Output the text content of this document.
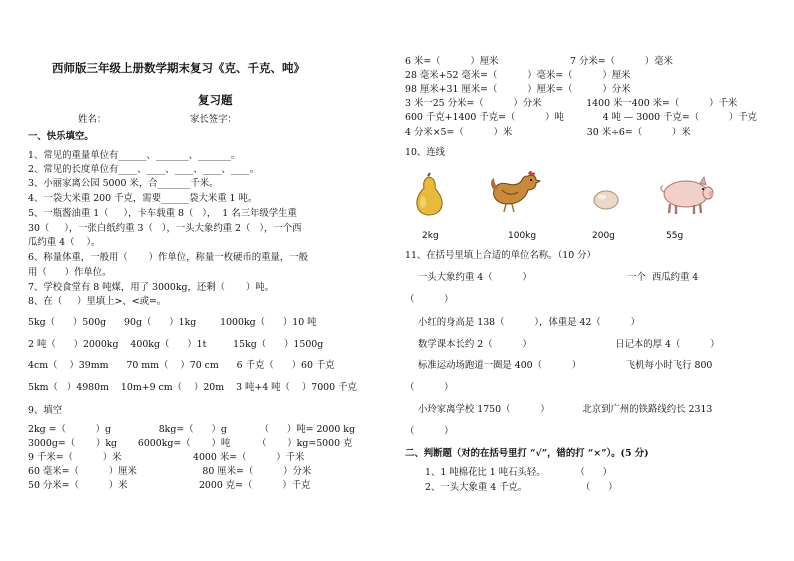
西师版三年级上册数学期末复习《克、千克、吨》
复习题
姓名：	家长签字：
一、快乐填空。
1、常见的重量单位有______、_______、_______。
2、常见的长度单位有____、____、____、____、____。
3、小丽家离公园 5000 米，合_______千米。
4、一袋大米重 200 千克，需要______袋大米重 1 吨。
5、一瓶酱油重 1（     ），卡车载重 8（   ），  1 名三年级学生重
30（     ），一张白纸约重 3（   ），一头大象约重 2（   ），一个西
瓜约重 4（    ）。
6、称量体重，一般用（       ）作单位，称量一枚硬币的重量，一般
用（      ）作单位。
7、学校食堂有 8 吨煤，用了 3000kg，还剩（       ）吨。
8、在（     ）里填上>、<或=。
5kg（      ）500g      90g（      ）1kg        1000kg（      ）10 吨
2 吨（      ）2000kg    400kg（      ）1t         15kg（      ）1500g
4cm（    ）39mm      70 mm（    ）70 cm      6 千克（      ）60 千克
5km（   ）4980m    10m+9 cm（    ）20m    3 吨+4 吨（    ）7000 千克
9、填空
2kg =（          ）g                8kg=（      ）g           （      ）吨= 2000 kg
3000g=（       ）kg       6000kg=（       ）吨         （       ）kg=5000 克
9 千米=（          ）米                        4000 米=（          ）千米
60 毫米=（          ）厘米                      80 厘米=（          ）分米
50 分米=（          ）米                        2000 克=（          ）千克
6 米=（          ）厘米                        7 分米=（          ）毫米
28 毫米+52 毫米=（          ）毫米=（          ）厘米
98 厘米+31 厘米=（          ）厘米=（          ）分米
3 米一25 分米=（          ）分米               1400 米一400 米=（          ）千米
600 千克+1400 千克=（          ）吨             4 吨 — 3000 千克=（          ）千克
4 分米×5=（          ）米                         30 米÷6=（          ）米
10、连线
2kg	100kg	200g	55g
11、在括号里填上合适的单位名称。（10 分）
一头大象约重 4（          ）                                一个  西瓜约重 4
（          ）
小红的身高是 138（          ），体重是 42（          ）
数学课本长约 2（          ）                            日记本的厚 4（          ）
标准运动场跑道一圈是 400（          ）               飞机每小时飞行 800
（          ）
小玲家离学校 1750（          ）           北京到广州的铁路线约长 2313
（          ）
二、判断题（对的在括号里打 “√”，错的打 “×”）。(5 分)
1、1 吨棉花比 1 吨石头轻。          （      ）
2、一头大象重 4 千克。                  （      ）
